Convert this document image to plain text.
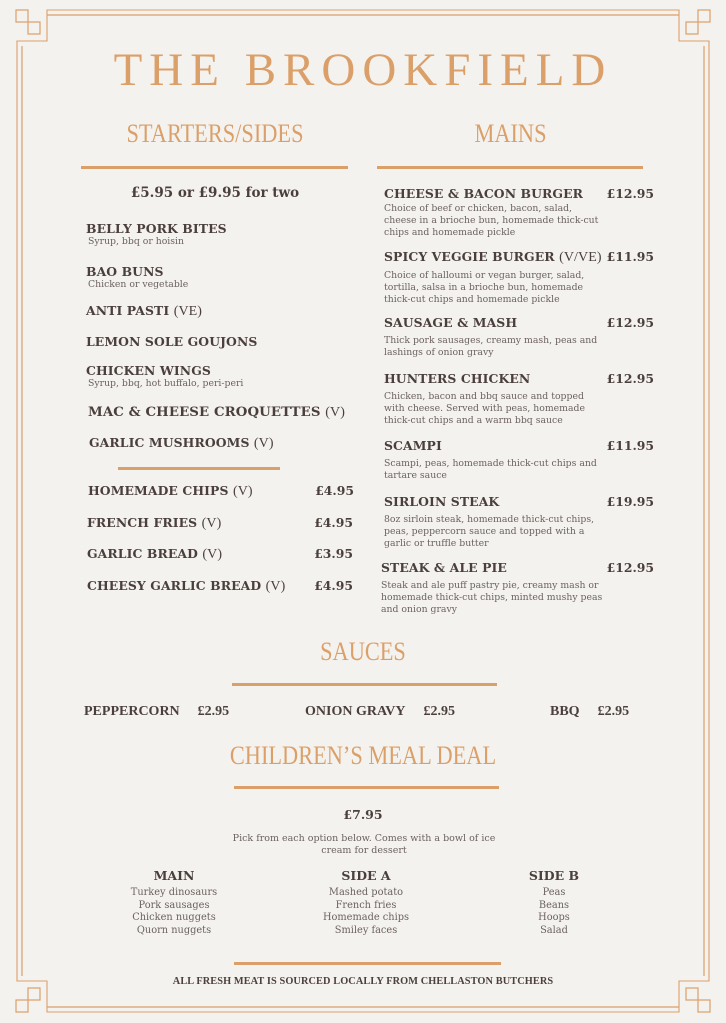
THE BROOKFIELD
STARTERS/SIDES
£5.95 or £9.95 for two
BELLY PORK BITES
Syrup, bbq or hoisin
BAO BUNS
Chicken or vegetable
ANTI PASTI (VE)
LEMON SOLE GOUJONS
CHICKEN WINGS
Syrup, bbq, hot buffalo, peri-peri
MAC & CHEESE CROQUETTES (V)
GARLIC MUSHROOMS (V)
HOMEMADE CHIPS (V)	£4.95
FRENCH FRIES (V)	£4.95
GARLIC BREAD (V)	£3.95
CHEESY GARLIC BREAD (V) £4.95
MAINS
CHEESE & BACON BURGER £12.95
Choice of beef or chicken, bacon, salad, cheese in a brioche bun, homemade thick-cut chips and homemade pickle
SPICY VEGGIE BURGER (V/VE) £11.95
Choice of halloumi or vegan burger, salad, tortilla, salsa in a brioche bun, homemade thick-cut chips and homemade pickle
SAUSAGE & MASH	£12.95
Thick pork sausages, creamy mash, peas and lashings of onion gravy
HUNTERS CHICKEN	£12.95
Chicken, bacon and bbq sauce and topped with cheese. Served with peas, homemade thick-cut chips and a warm bbq sauce
SCAMPI	£11.95
Scampi, peas, homemade thick-cut chips and tartare sauce
SIRLOIN STEAK	£19.95
8oz sirloin steak, homemade thick-cut chips, peas, peppercorn sauce and topped with a garlic or truffle butter
STEAK & ALE PIE	£12.95
Steak and ale puff pastry pie, creamy mash or homemade thick-cut chips, minted mushy peas and onion gravy
SAUCES
PEPPERCORN £2.95	ONION GRAVY £2.95	BBQ £2.95
CHILDREN’S MEAL DEAL
£7.95
Pick from each option below. Comes with a bowl of ice cream for dessert
MAIN
Turkey dinosaurs
Pork sausages
Chicken nuggets
Quorn nuggets
SIDE A
Mashed potato
French fries
Homemade chips
Smiley faces
SIDE B
Peas
Beans
Hoops
Salad
ALL FRESH MEAT IS SOURCED LOCALLY FROM CHELLASTON BUTCHERS
